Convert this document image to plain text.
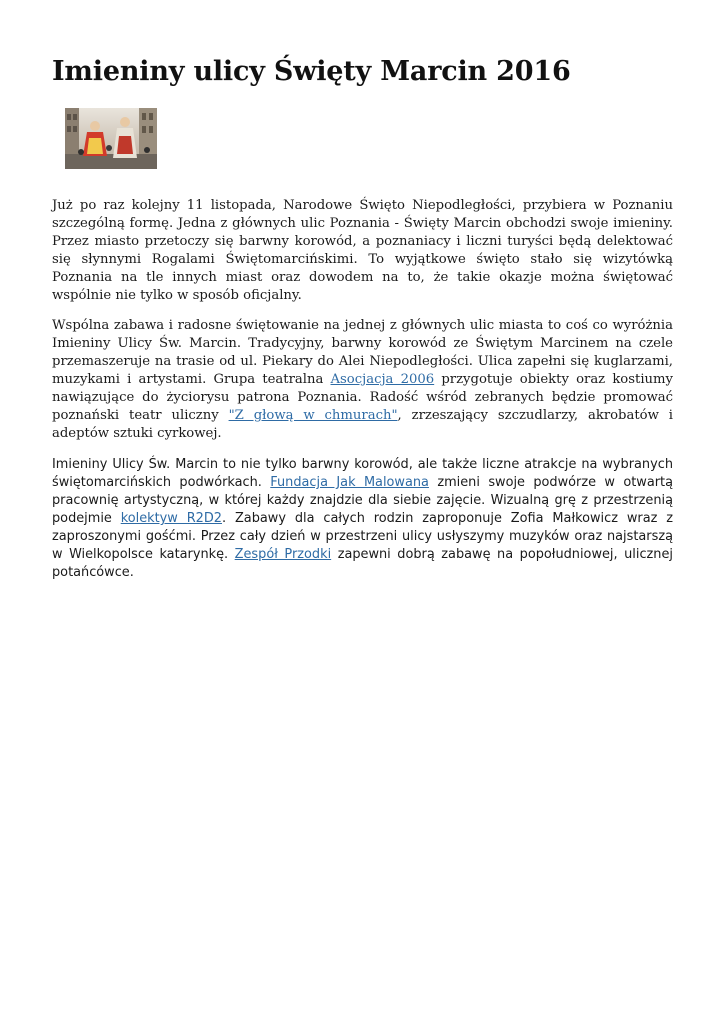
Imieniny ulicy Święty Marcin 2016

Już po raz kolejny 11 listopada, Narodowe Święto Niepodległości, przybiera w Poznaniu szczególną formę. Jedna z głównych ulic Poznania - Święty Marcin obchodzi swoje imieniny. Przez miasto przetoczy się barwny korowód, a poznaniacy i liczni turyści będą delektować się słynnymi Rogalami Świętomarcińskimi. To wyjątkowe święto stało się wizytówką Poznania na tle innych miast oraz dowodem na to, że takie okazje można świętować wspólnie nie tylko w sposób oficjalny.

Wspólna zabawa i radosne świętowanie na jednej z głównych ulic miasta to coś co wyróżnia Imieniny Ulicy Św. Marcin. Tradycyjny, barwny korowód ze Świętym Marcinem na czele przemaszeruje na trasie od ul. Piekary do Alei Niepodległości. Ulica zapełni się kuglarzami, muzykami i artystami. Grupa teatralna Asocjacja 2006 przygotuje obiekty oraz kostiumy nawiązujące do życiorysu patrona Poznania. Radość wśród zebranych będzie promować poznański teatr uliczny "Z głową w chmurach", zrzeszający szczudlarzy, akrobatów i adeptów sztuki cyrkowej.

Imieniny Ulicy Św. Marcin to nie tylko barwny korowód, ale także liczne atrakcje na wybranych świętomarcińskich podwórkach. Fundacja Jak Malowana zmieni swoje podwórze w otwartą pracownię artystyczną, w której każdy znajdzie dla siebie zajęcie. Wizualną grę z przestrzenią podejmie kolektyw R2D2. Zabawy dla całych rodzin zaproponuje Zofia Małkowicz wraz z zaproszonymi gośćmi. Przez cały dzień w przestrzeni ulicy usłyszymy muzyków oraz najstarszą w Wielkopolsce katarynkę. Zespół Przodki zapewni dobrą zabawę na popołudniowej, ulicznej potańcówce.
